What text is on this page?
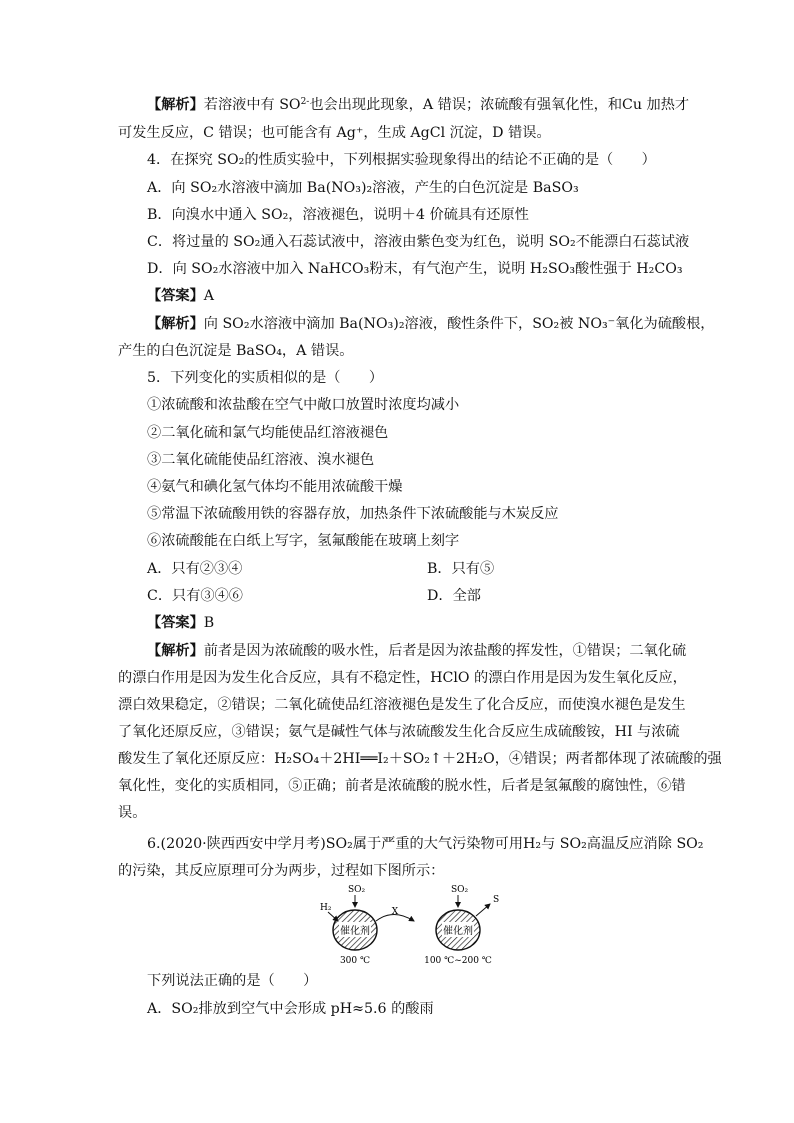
【解析】若溶液中有 $SO^{2-}$也会出现此现象，A 错误；浓硫酸有强氧化性，和Cu 加热才
可发生反应，C 错误；也可能含有 Ag⁺，生成 AgCl 沉淀，D 错误。
4．在探究 SO₂的性质实验中，下列根据实验现象得出的结论不正确的是（　　）
A．向 SO₂水溶液中滴加 Ba(NO₃)₂溶液，产生的白色沉淀是 BaSO₃
B．向溴水中通入 SO₂，溶液褪色，说明＋4 价硫具有还原性
C．将过量的 SO₂通入石蕊试液中，溶液由紫色变为红色，说明 SO₂不能漂白石蕊试液
D．向 SO₂水溶液中加入 NaHCO₃粉末，有气泡产生，说明 H₂SO₃酸性强于 H₂CO₃
【答案】A
【解析】向 SO₂水溶液中滴加 Ba(NO₃)₂溶液，酸性条件下，SO₂被 NO₃⁻氧化为硫酸根，
产生的白色沉淀是 BaSO₄，A 错误。
5．下列变化的实质相似的是（　　）
①浓硫酸和浓盐酸在空气中敞口放置时浓度均减小
②二氧化硫和氯气均能使品红溶液褪色
③二氧化硫能使品红溶液、溴水褪色
④氨气和碘化氢气体均不能用浓硫酸干燥
⑤常温下浓硫酸用铁的容器存放，加热条件下浓硫酸能与木炭反应
⑥浓硫酸能在白纸上写字，氢氟酸能在玻璃上刻字
A．只有②③④	B．只有⑤
C．只有③④⑥	D．全部
【答案】B
【解析】前者是因为浓硫酸的吸水性，后者是因为浓盐酸的挥发性，①错误；二氧化硫
的漂白作用是因为发生化合反应，具有不稳定性，HClO 的漂白作用是因为发生氧化反应，
漂白效果稳定，②错误；二氧化硫使品红溶液褪色是发生了化合反应，而使溴水褪色是发生
了氧化还原反应，③错误；氨气是碱性气体与浓硫酸发生化合反应生成硫酸铵，HI 与浓硫
酸发生了氧化还原反应：H₂SO₄＋2HI══I₂＋SO₂↑＋2H₂O，④错误；两者都体现了浓硫酸的强
氧化性，变化的实质相同，⑤正确；前者是浓硫酸的脱水性，后者是氢氟酸的腐蚀性，⑥错
误。
6.(2020·陕西西安中学月考)SO₂属于严重的大气污染物可用H₂与 SO₂高温反应消除 SO₂
的污染，其反应原理可分为两步，过程如下图所示：
SO₂
H₂
催化剂
X
SO₂
催化剂
S
300 ℃	100 ℃~200 ℃
下列说法正确的是（　　）
A．SO₂排放到空气中会形成 pH≈5.6 的酸雨
